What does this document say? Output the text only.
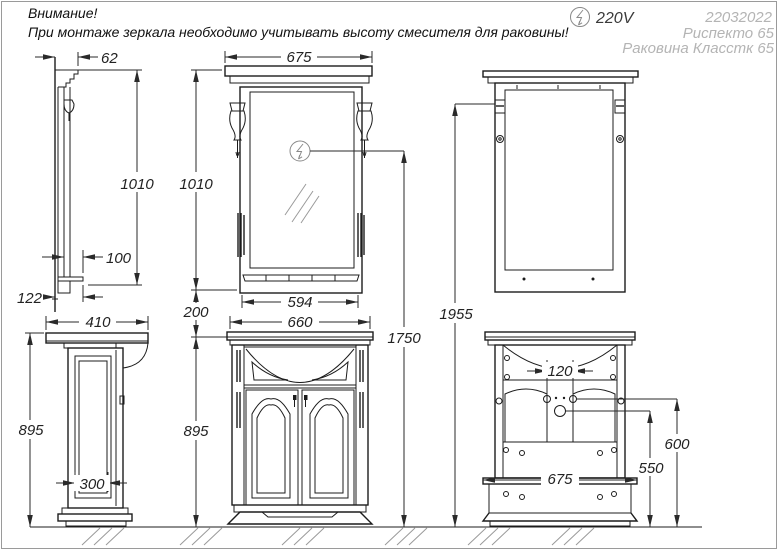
Внимание!
При монтаже зеркала необходимо учитывать высоту смесителя для раковины!
220V	22032022
Риспекто 65
Раковина Класстк 65
62
1010
100
122
675
1010
594
200	1955
1750
410
895
300
660
895
120
600
550
675
